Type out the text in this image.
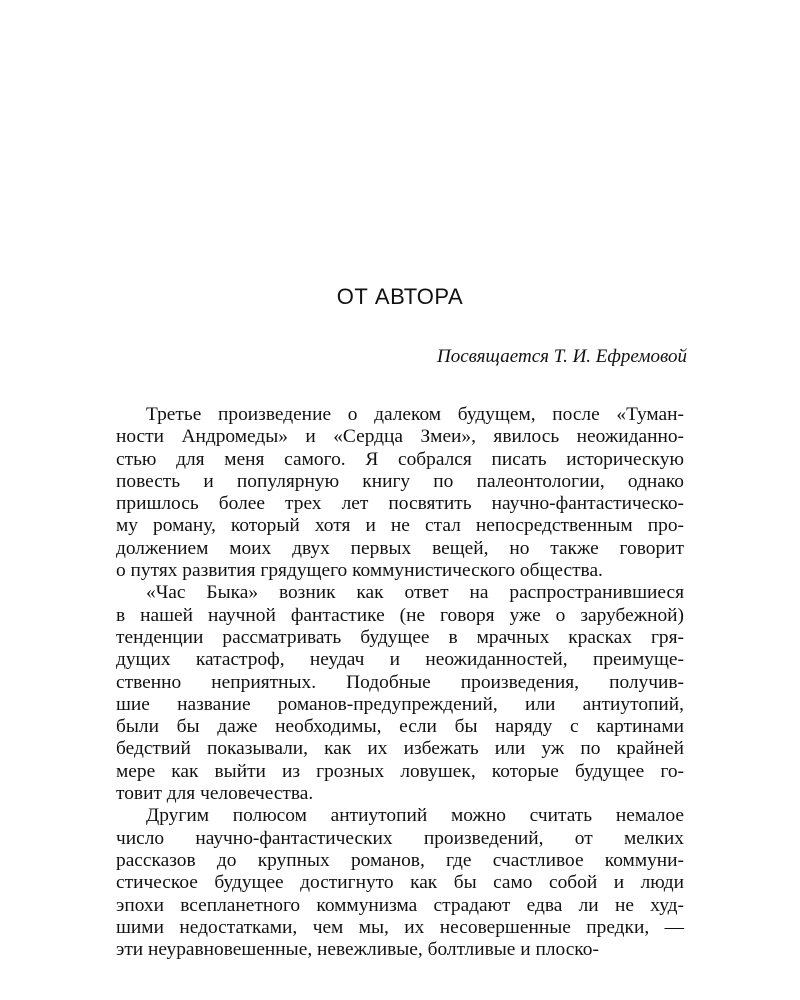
ОТ АВТОРА
Посвящается Т. И. Ефремовой
Третье произведение о далеком будущем, после «Туман-
ности Андромеды» и «Сердца Змеи», явилось неожиданно-
стью для меня самого. Я собрался писать историческую
повесть и популярную книгу по палеонтологии, однако
пришлось более трех лет посвятить научно-фантастическо-
му роману, который хотя и не стал непосредственным про-
должением моих двух первых вещей, но также говорит
о путях развития грядущего коммунистического общества.
«Час Быка» возник как ответ на распространившиеся
в нашей научной фантастике (не говоря уже о зарубежной)
тенденции рассматривать будущее в мрачных красках гря-
дущих катастроф, неудач и неожиданностей, преимуще-
ственно неприятных. Подобные произведения, получив-
шие название романов-предупреждений, или антиутопий,
были бы даже необходимы, если бы наряду с картинами
бедствий показывали, как их избежать или уж по крайней
мере как выйти из грозных ловушек, которые будущее го-
товит для человечества.
Другим полюсом антиутопий можно считать немалое
число научно-фантастических произведений, от мелких
рассказов до крупных романов, где счастливое коммуни-
стическое будущее достигнуто как бы само собой и люди
эпохи всепланетного коммунизма страдают едва ли не худ-
шими недостатками, чем мы, их несовершенные предки, —
эти неуравновешенные, невежливые, болтливые и плоско-
